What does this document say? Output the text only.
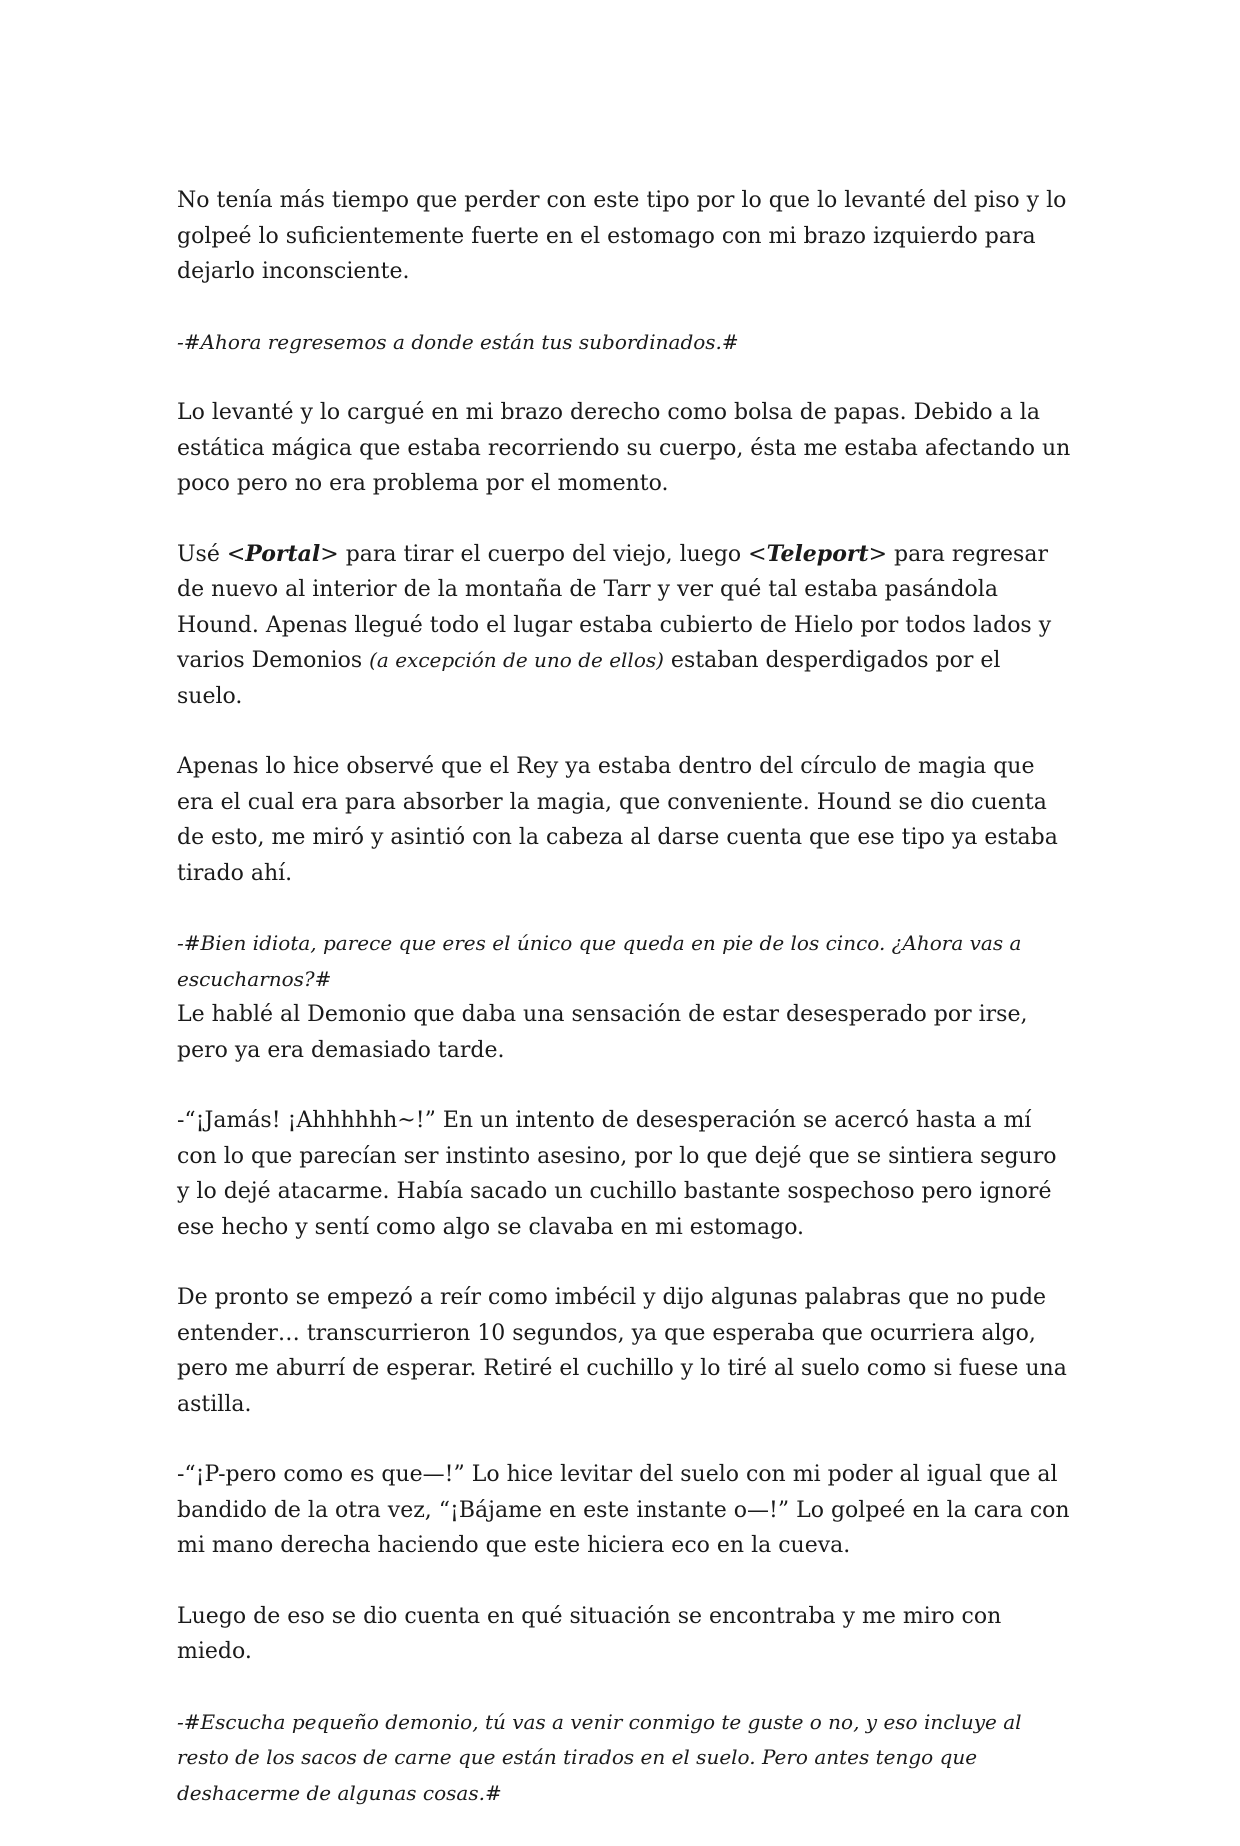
No tenía más tiempo que perder con este tipo por lo que lo levanté del piso y lo golpeé lo suficientemente fuerte en el estomago con mi brazo izquierdo para dejarlo inconsciente.

-#Ahora regresemos a donde están tus subordinados.#

Lo levanté y lo cargué en mi brazo derecho como bolsa de papas. Debido a la estática mágica que estaba recorriendo su cuerpo, ésta me estaba afectando un poco pero no era problema por el momento.

Usé <Portal> para tirar el cuerpo del viejo, luego <Teleport> para regresar de nuevo al interior de la montaña de Tarr y ver qué tal estaba pasándola Hound. Apenas llegué todo el lugar estaba cubierto de Hielo por todos lados y varios Demonios (a excepción de uno de ellos) estaban desperdigados por el suelo.

Apenas lo hice observé que el Rey ya estaba dentro del círculo de magia que era el cual era para absorber la magia, que conveniente. Hound se dio cuenta de esto, me miró y asintió con la cabeza al darse cuenta que ese tipo ya estaba tirado ahí.

-#Bien idiota, parece que eres el único que queda en pie de los cinco. ¿Ahora vas a escucharnos?#

Le hablé al Demonio que daba una sensación de estar desesperado por irse, pero ya era demasiado tarde.

-“¡Jamás! ¡Ahhhhhh~!” En un intento de desesperación se acercó hasta a mí con lo que parecían ser instinto asesino, por lo que dejé que se sintiera seguro y lo dejé atacarme. Había sacado un cuchillo bastante sospechoso pero ignoré ese hecho y sentí como algo se clavaba en mi estomago.

De pronto se empezó a reír como imbécil y dijo algunas palabras que no pude entender… transcurrieron 10 segundos, ya que esperaba que ocurriera algo, pero me aburrí de esperar. Retiré el cuchillo y lo tiré al suelo como si fuese una astilla.

-“¡P-pero como es que—!” Lo hice levitar del suelo con mi poder al igual que al bandido de la otra vez, “¡Bájame en este instante o—!” Lo golpeé en la cara con mi mano derecha haciendo que este hiciera eco en la cueva.

Luego de eso se dio cuenta en qué situación se encontraba y me miro con miedo.

-#Escucha pequeño demonio, tú vas a venir conmigo te guste o no, y eso incluye al resto de los sacos de carne que están tirados en el suelo. Pero antes tengo que deshacerme de algunas cosas.#
